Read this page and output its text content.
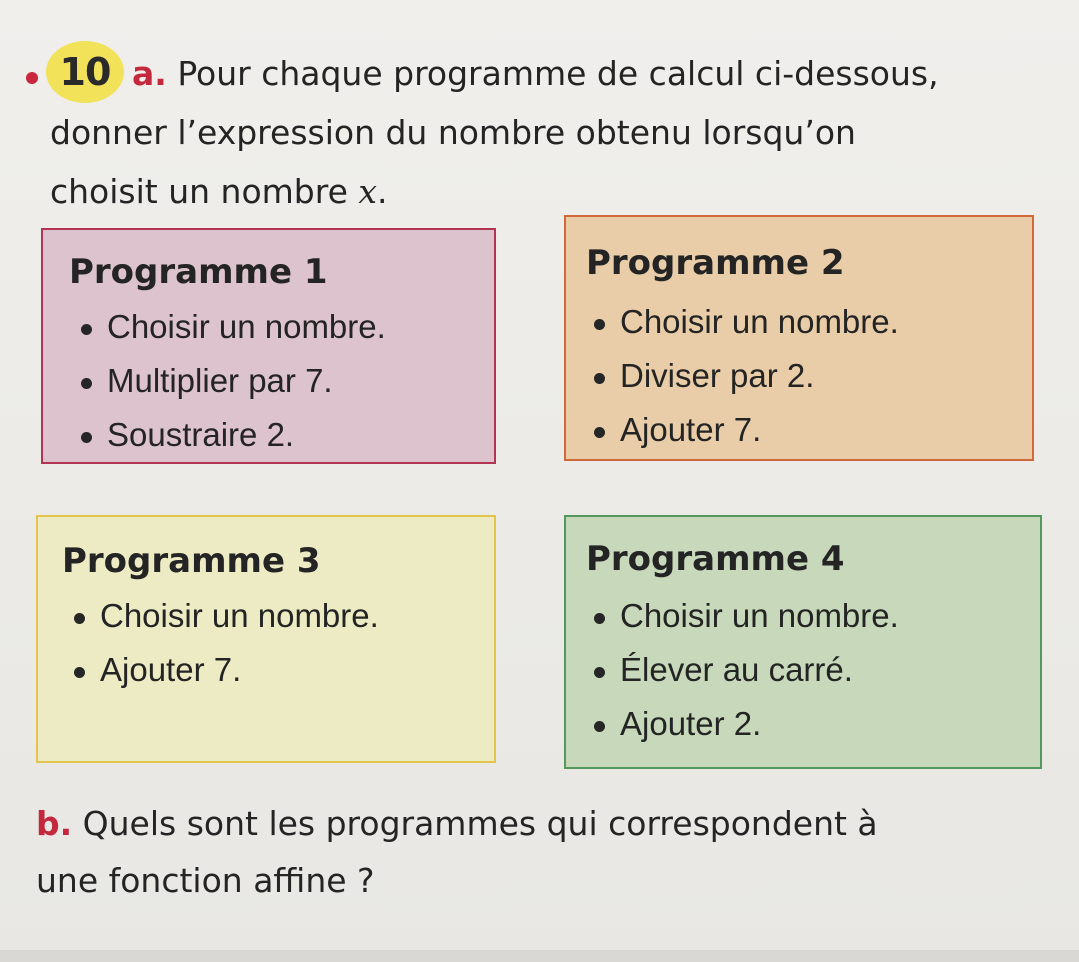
10 a. Pour chaque programme de calcul ci-dessous,
donner l’expression du nombre obtenu lorsqu’on
choisit un nombre x.

Programme 1
Choisir un nombre.
Multiplier par 7.
Soustraire 2.
Programme 2
Choisir un nombre.
Diviser par 2.
Ajouter 7.
Programme 3
Choisir un nombre.
Ajouter 7.
Programme 4
Choisir un nombre.
Élever au carré.
Ajouter 2.

b. Quels sont les programmes qui correspondent à
une fonction affine ?
